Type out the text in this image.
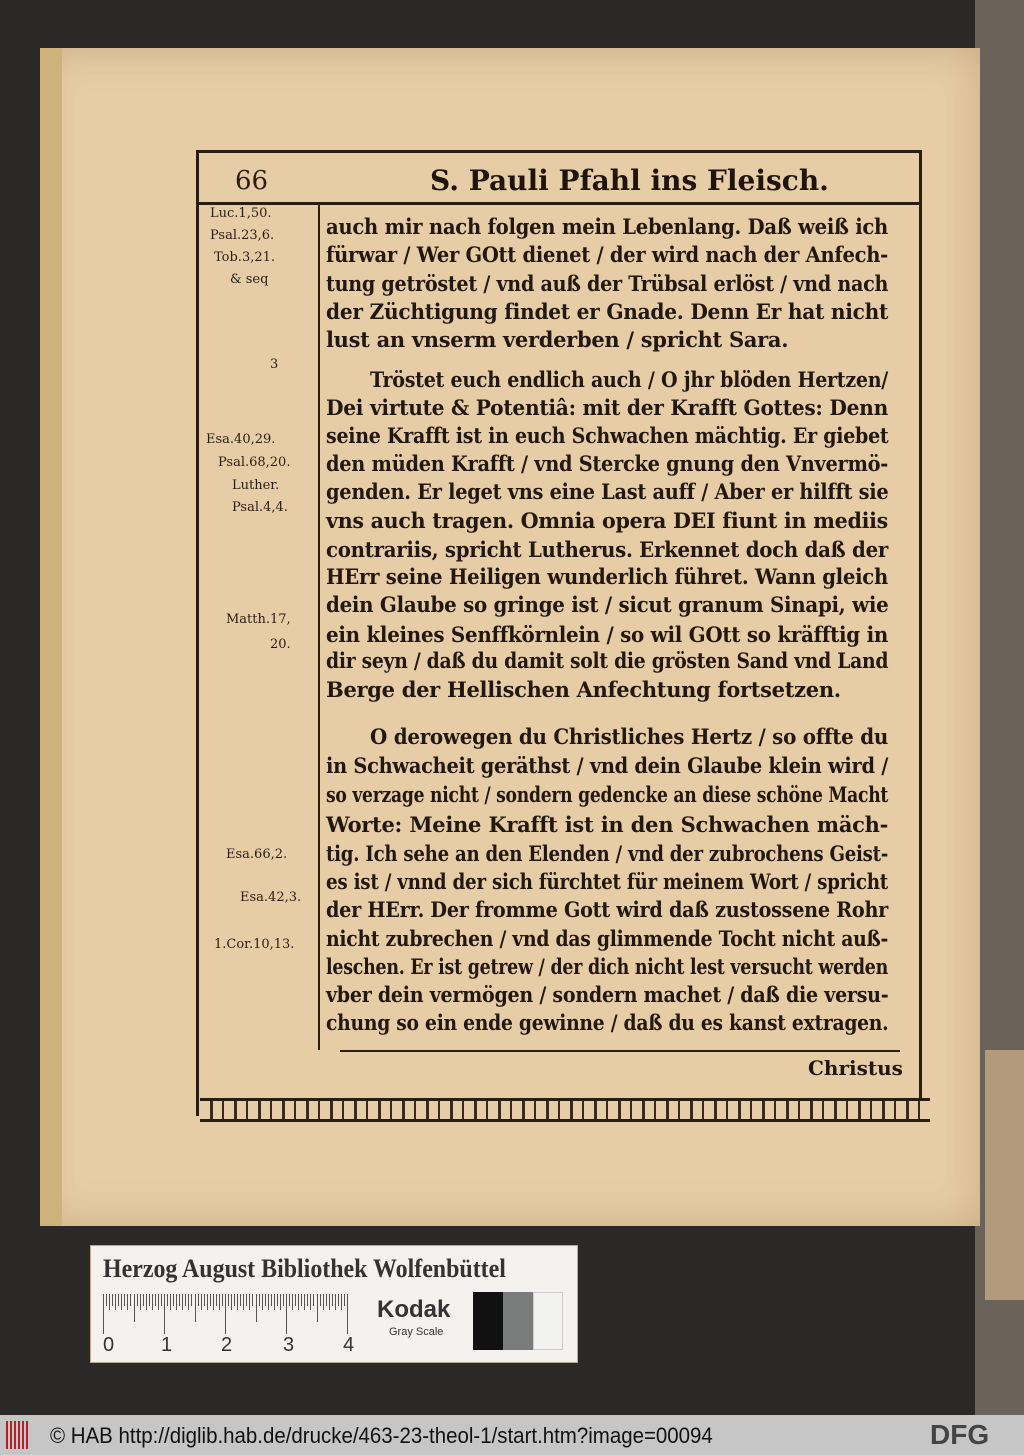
66	S. Pauli Pfahl ins Fleisch.
auch mir nach folgen mein Lebenlang. Daß weiß ich
fürwar / Wer GOtt dienet / der wird nach der Anfech-
tung getröstet / vnd auß der Trübsal erlöst / vnd nach
der Züchtigung findet er Gnade. Denn Er hat nicht
lust an vnserm verderben / spricht Sara.
Tröstet euch endlich auch / O jhr blöden Hertzen/
Dei virtute & Potentiâ: mit der Krafft Gottes: Denn
seine Krafft ist in euch Schwachen mächtig. Er giebet
den müden Krafft / vnd Stercke gnung den Vnvermö-
genden. Er leget vns eine Last auff / Aber er hilfft sie
vns auch tragen. Omnia opera DEI fiunt in mediis
contrariis, spricht Lutherus. Erkennet doch daß der
HErr seine Heiligen wunderlich führet. Wann gleich
dein Glaube so gringe ist / sicut granum Sinapi, wie
ein kleines Senffkörnlein / so wil GOtt so kräfftig in
dir seyn / daß du damit solt die grösten Sand vnd Land
Berge der Hellischen Anfechtung fortsetzen.
O derowegen du Christliches Hertz / so offte du
in Schwacheit geräthst / vnd dein Glaube klein wird /
so verzage nicht / sondern gedencke an diese schöne Macht
Worte: Meine Krafft ist in den Schwachen mäch-
tig. Ich sehe an den Elenden / vnd der zubrochens Geist-
es ist / vnnd der sich fürchtet für meinem Wort / spricht
der HErr. Der fromme Gott wird daß zustossene Rohr
nicht zubrechen / vnd das glimmende Tocht nicht auß-
leschen. Er ist getrew / der dich nicht lest versucht werden
vber dein vermögen / sondern machet / daß die versu-
chung so ein ende gewinne / daß du es kanst extragen.
Luc.1,50.
Psal.23,6.
Tob.3,21.
& seq
3
Esa.40,29.
Psal.68,20.
Luther.
Psal.4,4.
Matth.17,
20.
Esa.66,2.
Esa.42,3.
1.Cor.10,13.
Christus
Herzog August Bibliothek Wolfenbüttel
0 1 2	3 4
Kodak
Gray Scale
© HAB http://diglib.hab.de/drucke/463-23-theol-1/start.htm?image=00094	DFG
